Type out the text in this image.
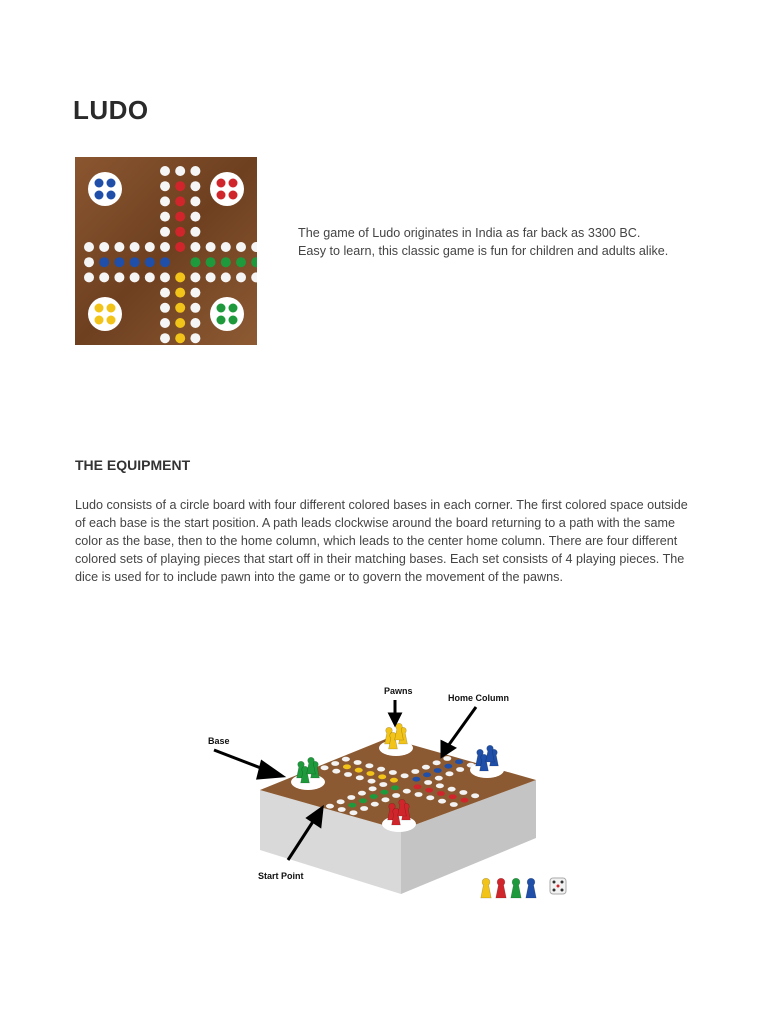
LUDO
The game of Ludo originates in India as far back as 3300 BC.
Easy to learn, this classic game is fun for children and adults alike.
THE EQUIPMENT
Ludo consists of a circle board with four different colored bases in each corner. The first colored space outside of each base is the start position. A path leads clockwise around the board returning to a path with the same color as the base, then to the home column, which leads to the center home column. There are four different colored sets of playing pieces that start off in their matching bases. Each set consists of 4 playing pieces. The dice is used for to include pawn into the game or to govern the movement of the pawns.
Pawns
Home Column
Base
Start Point
